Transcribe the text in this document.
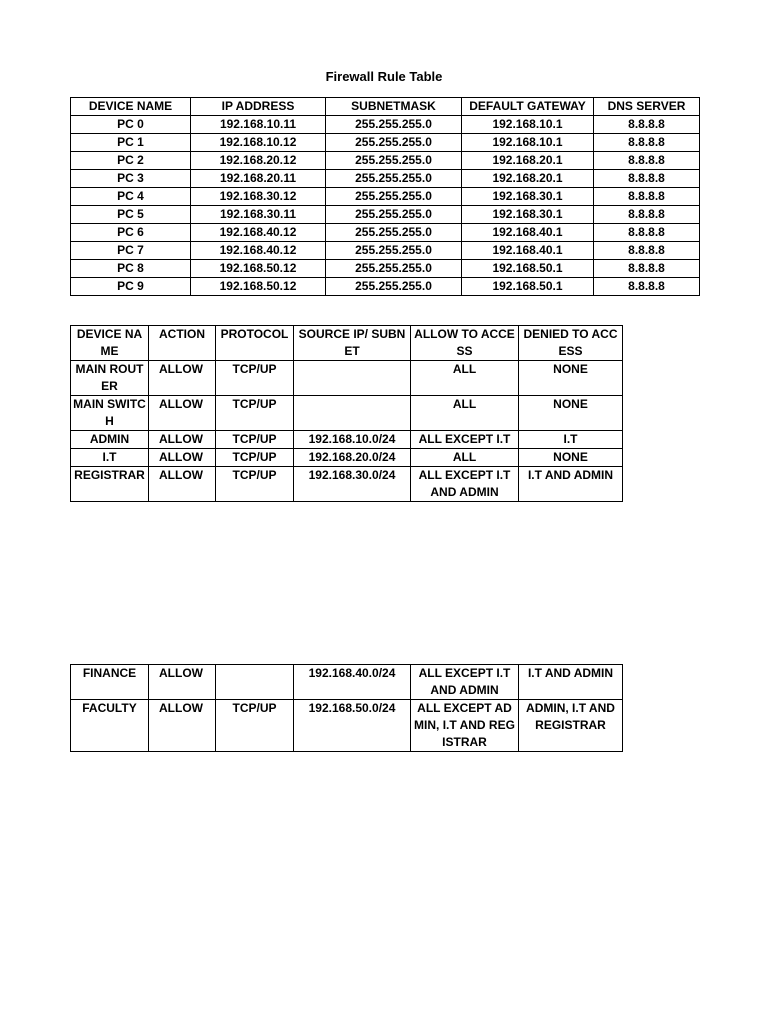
Firewall Rule Table
DEVICE NAME	IP ADDRESS	SUBNETMASK	DEFAULT GATEWAY	DNS SERVER
PC 0	192.168.10.11	255.255.255.0	192.168.10.1	8.8.8.8
PC 1	192.168.10.12	255.255.255.0	192.168.10.1	8.8.8.8
PC 2	192.168.20.12	255.255.255.0	192.168.20.1	8.8.8.8
PC 3	192.168.20.11	255.255.255.0	192.168.20.1	8.8.8.8
PC 4	192.168.30.12	255.255.255.0	192.168.30.1	8.8.8.8
PC 5	192.168.30.11	255.255.255.0	192.168.30.1	8.8.8.8
PC 6	192.168.40.12	255.255.255.0	192.168.40.1	8.8.8.8
PC 7	192.168.40.12	255.255.255.0	192.168.40.1	8.8.8.8
PC 8	192.168.50.12	255.255.255.0	192.168.50.1	8.8.8.8
PC 9	192.168.50.12	255.255.255.0	192.168.50.1	8.8.8.8
DEVICE NAME	ACTION	PROTOCOL	SOURCE IP/ SUBNET	ALLOW TO ACCESS	DENIED TO ACCESS
MAIN ROUTER	ALLOW	TCP/UP		ALL	NONE
MAIN SWITCH	ALLOW	TCP/UP		ALL	NONE
ADMIN	ALLOW	TCP/UP	192.168.10.0/24	ALL EXCEPT I.T	I.T
I.T	ALLOW	TCP/UP	192.168.20.0/24	ALL	NONE
REGISTRAR	ALLOW	TCP/UP	192.168.30.0/24	ALL EXCEPT I.T AND ADMIN	I.T AND ADMIN
FINANCE	ALLOW		192.168.40.0/24	ALL EXCEPT I.T AND ADMIN	I.T AND ADMIN
FACULTY	ALLOW	TCP/UP	192.168.50.0/24	ALL EXCEPT ADMIN, I.T AND REGISTRAR	ADMIN, I.T AND REGISTRAR
